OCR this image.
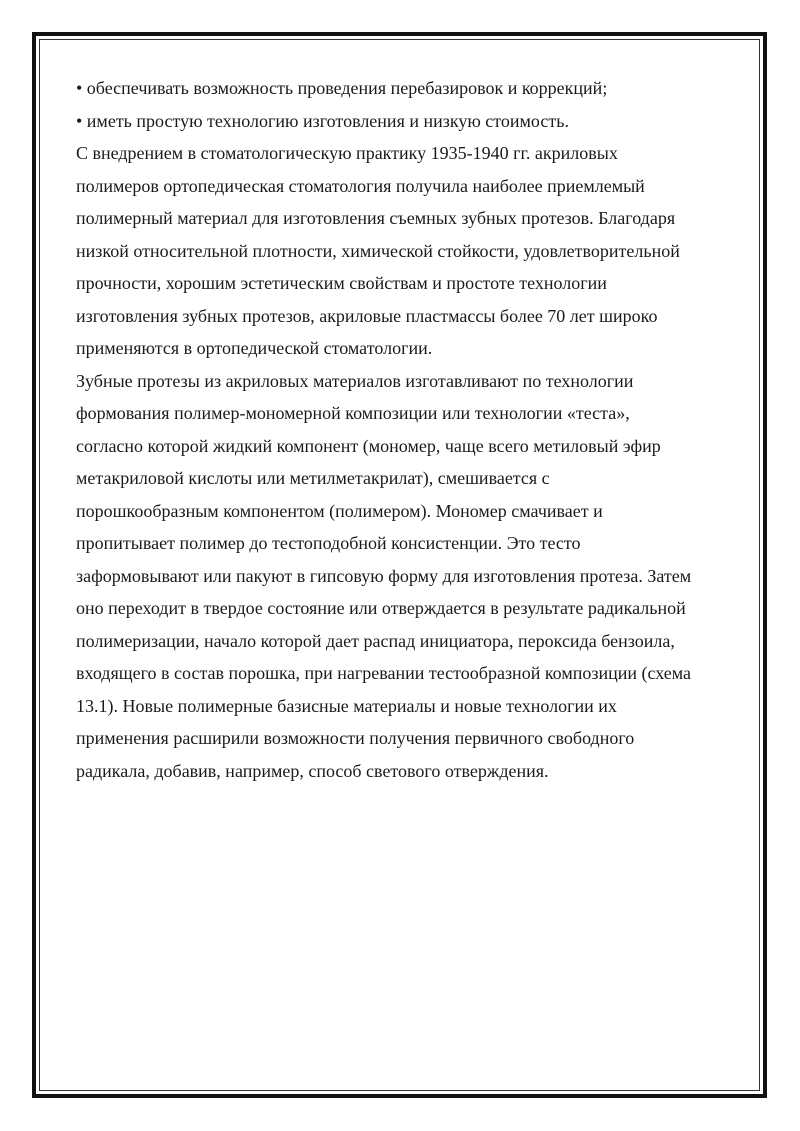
• обеспечивать возможность проведения перебазировок и коррекций;
• иметь простую технологию изготовления и низкую стоимость.
С внедрением в стоматологическую практику 1935-1940 гг. акриловых
полимеров ортопедическая стоматология получила наиболее приемлемый
полимерный материал для изготовления съемных зубных протезов. Благодаря
низкой относительной плотности, химической стойкости, удовлетворительной
прочности, хорошим эстетическим свойствам и простоте технологии
изготовления зубных протезов, акриловые пластмассы более 70 лет широко
применяются в ортопедической стоматологии.
Зубные протезы из акриловых материалов изготавливают по технологии
формования полимер-мономерной композиции или технологии «теста»,
согласно которой жидкий компонент (мономер, чаще всего метиловый эфир
метакриловой кислоты или метилметакрилат), смешивается с
порошкообразным компонентом (полимером). Мономер смачивает и
пропитывает полимер до тестоподобной консистенции. Это тесто
заформовывают или пакуют в гипсовую форму для изготовления протеза. Затем
оно переходит в твердое состояние или отверждается в результате радикальной
полимеризации, начало которой дает распад инициатора, пероксида бензоила,
входящего в состав порошка, при нагревании тестообразной композиции (схема
13.1). Новые полимерные базисные материалы и новые технологии их
применения расширили возможности получения первичного свободного
радикала, добавив, например, способ светового отверждения.
